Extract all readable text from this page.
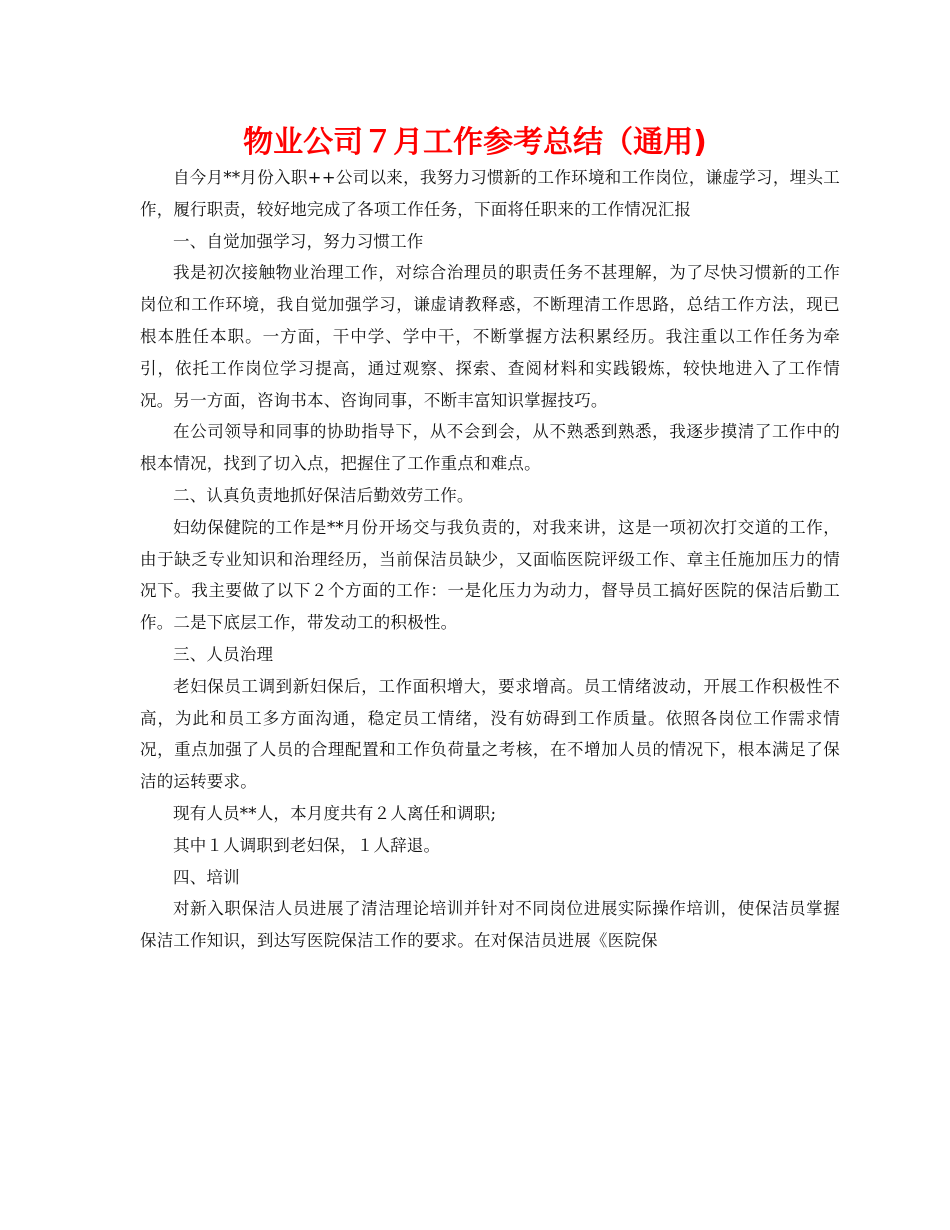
物业公司７月工作参考总结（通用)

自今月**月份入职++公司以来，我努力习惯新的工作环境和工作岗位，谦虚学习，埋头工作，履行职责，较好地完成了各项工作任务，下面将任职来的工作情况汇报

一、自觉加强学习，努力习惯工作

我是初次接触物业治理工作，对综合治理员的职责任务不甚理解，为了尽快习惯新的工作岗位和工作环境，我自觉加强学习，谦虚请教释惑，不断理清工作思路，总结工作方法，现已根本胜任本职。一方面，干中学、学中干，不断掌握方法积累经历。我注重以工作任务为牵引，依托工作岗位学习提高，通过观察、探索、查阅材料和实践锻炼，较快地进入了工作情况。另一方面，咨询书本、咨询同事，不断丰富知识掌握技巧。

在公司领导和同事的协助指导下，从不会到会，从不熟悉到熟悉，我逐步摸清了工作中的根本情况，找到了切入点，把握住了工作重点和难点。

二、认真负责地抓好保洁后勤效劳工作。

妇幼保健院的工作是**月份开场交与我负责的，对我来讲，这是一项初次打交道的工作，由于缺乏专业知识和治理经历，当前保洁员缺少，又面临医院评级工作、章主任施加压力的情况下。我主要做了以下２个方面的工作：一是化压力为动力，督导员工搞好医院的保洁后勤工作。二是下底层工作，带发动工的积极性。

三、人员治理

老妇保员工调到新妇保后，工作面积增大，要求增高。员工情绪波动，开展工作积极性不高，为此和员工多方面沟通，稳定员工情绪，没有妨碍到工作质量。依照各岗位工作需求情况，重点加强了人员的合理配置和工作负荷量之考核，在不增加人员的情况下，根本满足了保洁的运转要求。

现有人员**人，本月度共有２人离任和调职;

其中１人调职到老妇保，１人辞退。

四、培训

对新入职保洁人员进展了清洁理论培训并针对不同岗位进展实际操作培训，使保洁员掌握保洁工作知识，到达写医院保洁工作的要求。在对保洁员进展《医院保
